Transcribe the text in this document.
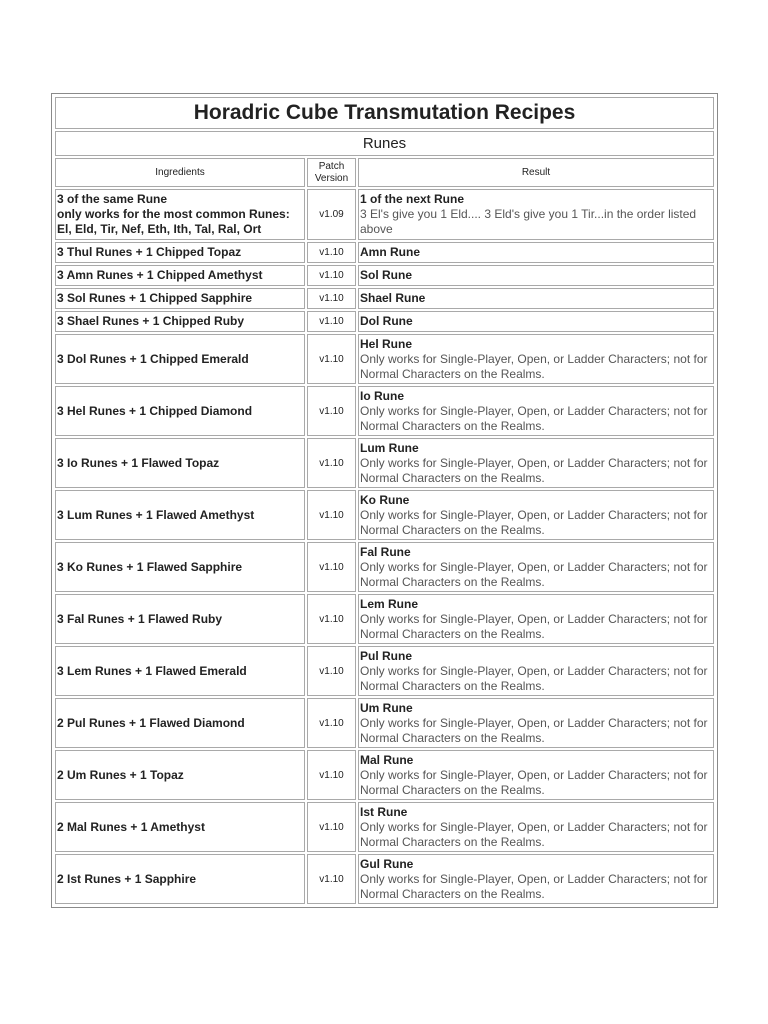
Horadric Cube Transmutation Recipes		
Runes		
Ingredients	Patch Version	Result
3 of the same Rune
only works for the most common Runes:
El, Eld, Tir, Nef, Eth, Ith, Tal, Ral, Ort	v1.09	1 of the next Rune
3 El's give you 1 Eld.... 3 Eld's give you 1 Tir...in the order listed above
3 Thul Runes + 1 Chipped Topaz	v1.10	Amn Rune

3 Amn Runes + 1 Chipped Amethyst	v1.10	Sol Rune

3 Sol Runes + 1 Chipped Sapphire	v1.10	Shael Rune

3 Shael Runes + 1 Chipped Ruby	v1.10	Dol Rune

3 Dol Runes + 1 Chipped Emerald	v1.10	Hel Rune
Only works for Single-Player, Open, or Ladder Characters; not for Normal Characters on the Realms.
3 Hel Runes + 1 Chipped Diamond	v1.10	Io Rune
Only works for Single-Player, Open, or Ladder Characters; not for Normal Characters on the Realms.
3 Io Runes + 1 Flawed Topaz	v1.10	Lum Rune
Only works for Single-Player, Open, or Ladder Characters; not for Normal Characters on the Realms.
3 Lum Runes + 1 Flawed Amethyst	v1.10	Ko Rune
Only works for Single-Player, Open, or Ladder Characters; not for Normal Characters on the Realms.
3 Ko Runes + 1 Flawed Sapphire	v1.10	Fal Rune
Only works for Single-Player, Open, or Ladder Characters; not for Normal Characters on the Realms.
3 Fal Runes + 1 Flawed Ruby	v1.10	Lem Rune
Only works for Single-Player, Open, or Ladder Characters; not for Normal Characters on the Realms.
3 Lem Runes + 1 Flawed Emerald	v1.10	Pul Rune
Only works for Single-Player, Open, or Ladder Characters; not for Normal Characters on the Realms.
2 Pul Runes + 1 Flawed Diamond	v1.10	Um Rune
Only works for Single-Player, Open, or Ladder Characters; not for Normal Characters on the Realms.
2 Um Runes + 1 Topaz	v1.10	Mal Rune
Only works for Single-Player, Open, or Ladder Characters; not for Normal Characters on the Realms.
2 Mal Runes + 1 Amethyst	v1.10	Ist Rune
Only works for Single-Player, Open, or Ladder Characters; not for Normal Characters on the Realms.
2 Ist Runes + 1 Sapphire	v1.10	Gul Rune
Only works for Single-Player, Open, or Ladder Characters; not for Normal Characters on the Realms.
